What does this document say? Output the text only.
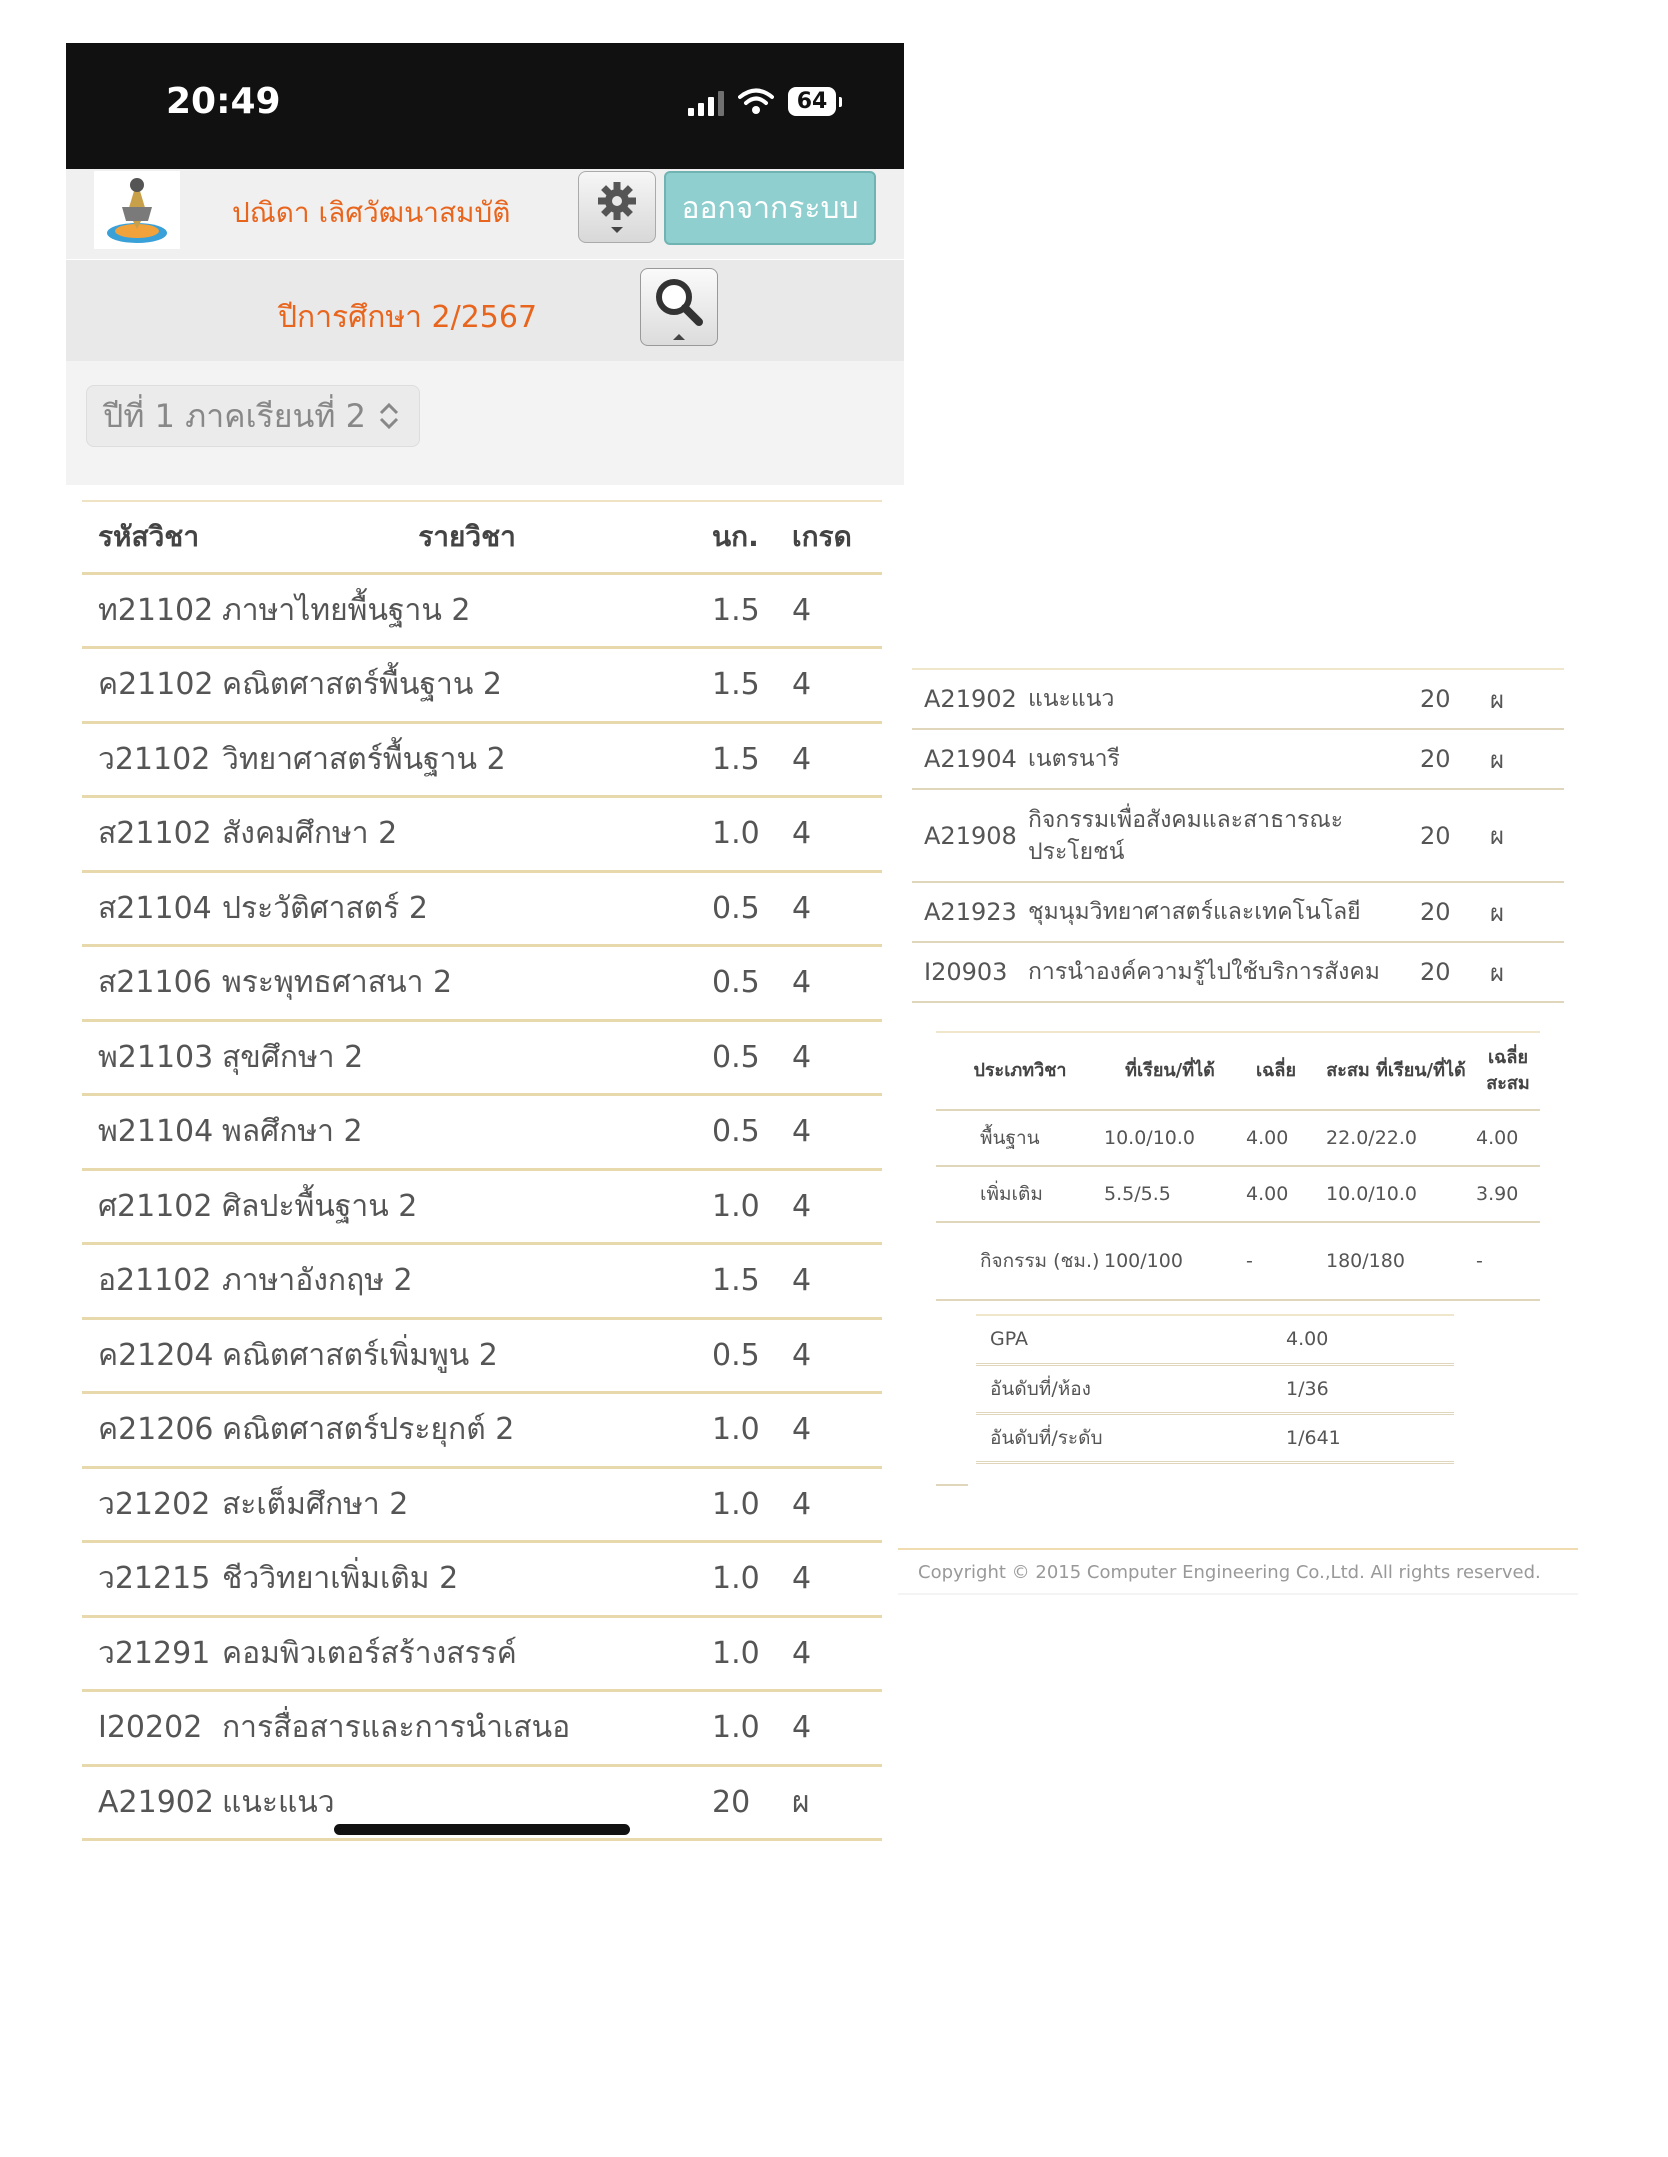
20:49	64
ปณิดา เลิศวัฒนาสมบัติ	ออกจากระบบ
ปีการศึกษา 2/2567
ปีที่ 1 ภาคเรียนที่ 2
รหัสวิชา	รายวิชา	นก.	เกรด
ท21102	ภาษาไทยพื้นฐาน 2	1.5	4
ค21102	คณิตศาสตร์พื้นฐาน 2	1.5	4
ว21102	วิทยาศาสตร์พื้นฐาน 2	1.5	4
ส21102	สังคมศึกษา 2	1.0	4
ส21104	ประวัติศาสตร์ 2	0.5	4
ส21106	พระพุทธศาสนา 2	0.5	4
พ21103	สุขศึกษา 2	0.5	4
พ21104	พลศึกษา 2	0.5	4
ศ21102	ศิลปะพื้นฐาน 2	1.0	4
อ21102	ภาษาอังกฤษ 2	1.5	4
ค21204	คณิตศาสตร์เพิ่มพูน 2	0.5	4
ค21206	คณิตศาสตร์ประยุกต์ 2	1.0	4
ว21202	สะเต็มศึกษา 2	1.0	4
ว21215	ชีววิทยาเพิ่มเติม 2	1.0	4
ว21291	คอมพิวเตอร์สร้างสรรค์	1.0	4
I20202	การสื่อสารและการนำเสนอ	1.0	4
A21902	แนะแนว	20	ผ
A21902	แนะแนว	20	ผ
A21904	เนตรนารี	20	ผ
A21908	กิจกรรมเพื่อสังคมและสาธารณะประโยชน์	20	ผ
A21923	ชุมนุมวิทยาศาสตร์และเทคโนโลยี	20	ผ
I20903	การนำองค์ความรู้ไปใช้บริการสังคม	20	ผ
ประเภทวิชา	ที่เรียน/ที่ได้	เฉลี่ย	สะสม ที่เรียน/ที่ได้	เฉลี่ย สะสม
พื้นฐาน	10.0/10.0	4.00	22.0/22.0	4.00
เพิ่มเติม	5.5/5.5	4.00	10.0/10.0	3.90
กิจกรรม (ชม.)	100/100	-	180/180	-
GPA	4.00
อันดับที่/ห้อง	1/36
อันดับที่/ระดับ	1/641
Copyright © 2015 Computer Engineering Co.,Ltd. All rights reserved.
